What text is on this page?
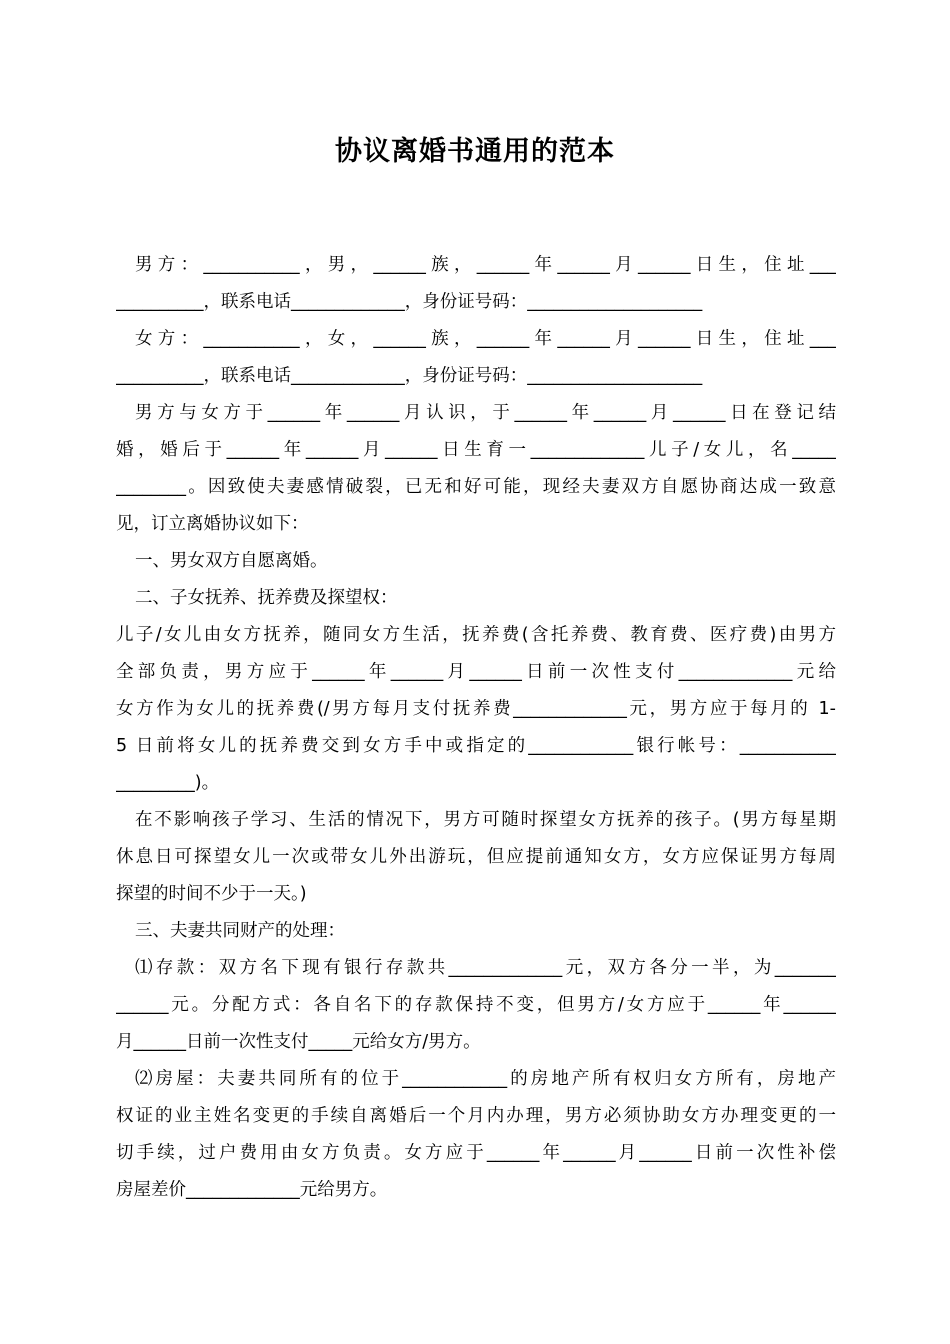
协议离婚书通用的范本
男方：___________，男，______族，______年______月______日生，住址___
__________，联系电话_____________，身份证号码：____________________
女方：___________，女，______族，______年______月______日生，住址___
__________，联系电话_____________，身份证号码：____________________
男方与女方于______年______月认识，于______年______月______日在登记结
婚，婚后于______年______月______日生育一_____________儿子/女儿，名_____
________。因致使夫妻感情破裂，已无和好可能，现经夫妻双方自愿协商达成一致意
见，订立离婚协议如下：
一、男女双方自愿离婚。
二、子女抚养、抚养费及探望权：
儿子/女儿由女方抚养，随同女方生活，抚养费(含托养费、教育费、医疗费)由男方
全部负责，男方应于______年______月______日前一次性支付_____________元给
女方作为女儿的抚养费(/男方每月支付抚养费_____________元，男方应于每月的 1-
5 日前将女儿的抚养费交到女方手中或指定的____________银行帐号：___________
_________)。
在不影响孩子学习、生活的情况下，男方可随时探望女方抚养的孩子。(男方每星期
休息日可探望女儿一次或带女儿外出游玩，但应提前通知女方，女方应保证男方每周
探望的时间不少于一天。)
三、夫妻共同财产的处理：
⑴存款：双方名下现有银行存款共_____________元，双方各分一半，为_______
______元。分配方式：各自名下的存款保持不变，但男方/女方应于______年______
月______日前一次性支付_____元给女方/男方。
⑵房屋：夫妻共同所有的位于____________的房地产所有权归女方所有，房地产
权证的业主姓名变更的手续自离婚后一个月内办理，男方必须协助女方办理变更的一
切手续，过户费用由女方负责。女方应于______年______月______日前一次性补偿
房屋差价_____________元给男方。
